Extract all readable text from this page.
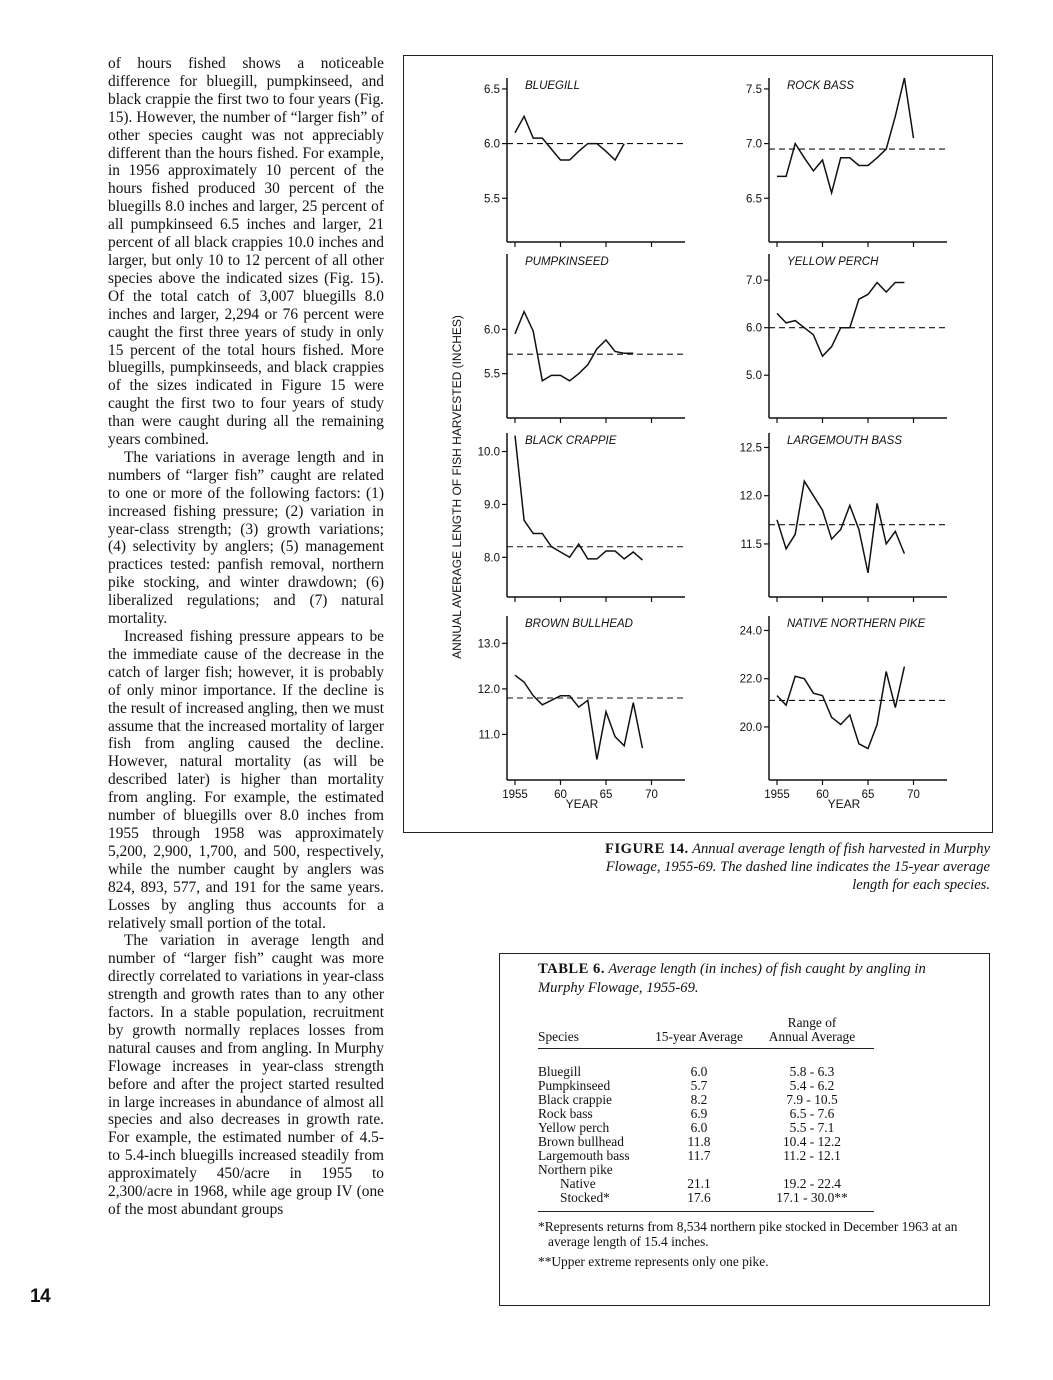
of hours fished shows a noticeable difference for bluegill, pumpkinseed, and black crappie the first two to four years (Fig. 15). However, the number of “larger fish” of other species caught was not appreciably different than the hours fished. For example, in 1956 approximately 10 percent of the hours fished produced 30 percent of the bluegills 8.0 inches and larger, 25 percent of all pumpkinseed 6.5 inches and larger, 21 percent of all black crappies 10.0 inches and larger, but only 10 to 12 percent of all other species above the indicated sizes (Fig. 15). Of the total catch of 3,007 bluegills 8.0 inches and larger, 2,294 or 76 percent were caught the first three years of study in only 15 percent of the total hours fished. More bluegills, pumpkinseeds, and black crappies of the sizes indicated in Figure 15 were caught the first two to four years of study than were caught during all the remaining years combined.

The variations in average length and in numbers of “larger fish” caught are related to one or more of the following factors: (1) increased fishing pressure; (2) variation in year-class strength; (3) growth variations; (4) selectivity by anglers; (5) management practices tested: panfish removal, northern pike stocking, and winter drawdown; (6) liberalized regulations; and (7) natural mortality.

Increased fishing pressure appears to be the immediate cause of the decrease in the catch of larger fish; however, it is probably of only minor importance. If the decline is the result of increased angling, then we must assume that the increased mortality of larger fish from angling caused the decline. However, natural mortality (as will be described later) is higher than mortality from angling. For example, the estimated number of bluegills over 8.0 inches from 1955 through 1958 was approximately 5,200, 2,900, 1,700, and 500, respectively, while the number caught by anglers was 824, 893, 577, and 191 for the same years. Losses by angling thus accounts for a relatively small portion of the total.

The variation in average length and number of “larger fish” caught was more directly correlated to variations in year-class strength and growth rates than to any other factors. In a stable population, recruitment by growth normally replaces losses from natural causes and from angling. In Murphy Flowage increases in year-class strength before and after the project started resulted in large increases in abundance of almost all species and also decreases in growth rate. For example, the estimated number of 4.5- to 5.4-inch bluegills increased steadily from approximately 450/acre in 1955 to 2,300/acre in 1968, while age group IV (one of the most abundant groups

14
ANNUAL AVERAGE LENGTH OF FISH HARVESTED (INCHES)
5.5
6.0
6.5 BLUEGILL
6.5
7.0
7.5 ROCK BASS
5.5
6.0
PUMPKINSEED
5.0
6.0
7.0
YELLOW PERCH
8.0
9.0
10.0
BLACK CRAPPIE
11.5
12.0
12.5
LARGEMOUTH BASS
11.0
12.0
13.0
BROWN BULLHEAD
1955 60	65	70
20.0
22.0
24.0
NATIVE NORTHERN PIKE
1955 60	65	70
YEAR	YEAR
FIGURE 14. Annual average length of fish harvested in Murphy Flowage, 1955-69. The dashed line indicates the 15-year average length for each species.
TABLE 6. Average length (in inches) of fish caught by angling in Murphy Flowage, 1955-69.
Species	15-year Average
Range of
Annual Average
Bluegill	6.0	5.8 - 6.3
Pumpkinseed	5.7	5.4 - 6.2
Black crappie	8.2	7.9 - 10.5
Rock bass	6.9	6.5 - 7.6
Yellow perch	6.0	5.5 - 7.1
Brown bullhead	11.8	10.4 - 12.2
Largemouth bass	11.7	11.2 - 12.1
Northern pike
Native	21.1	19.2 - 22.4
Stocked*	17.6	17.1 - 30.0**

*Represents returns from 8,534 northern pike stocked in December 1963 at an average length of 15.4 inches.

**Upper extreme represents only one pike.
